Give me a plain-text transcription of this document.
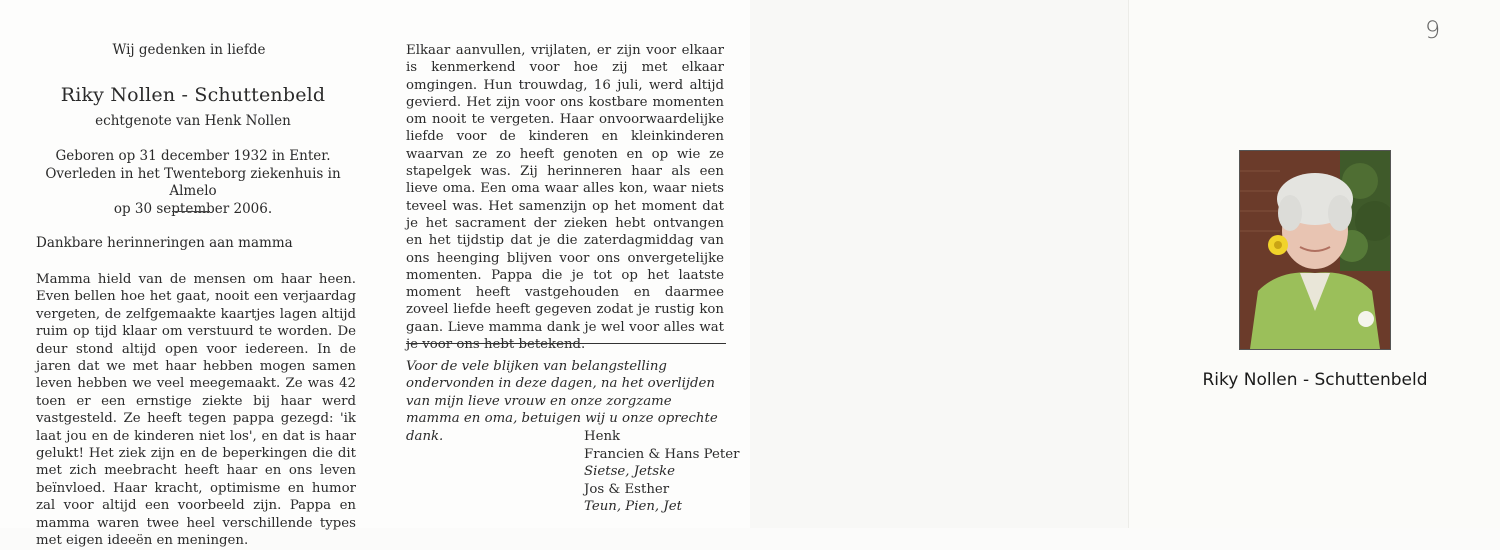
Wij gedenken in liefde
Riky Nollen - Schuttenbeld
echtgenote van Henk Nollen
Geboren op 31 december 1932 in Enter.
Overleden in het Twenteborg ziekenhuis in Almelo
op 30 september 2006.
Dankbare herinneringen aan mamma
Mamma hield van de mensen om haar heen. Even bellen hoe het gaat, nooit een verjaardag vergeten, de zelfgemaakte kaartjes lagen altijd ruim op tijd klaar om verstuurd te worden. De deur stond altijd open voor iedereen. In de jaren dat we met haar hebben mogen samen leven hebben we veel meegemaakt. Ze was 42 toen er een ernstige ziekte bij haar werd vastgesteld. Ze heeft tegen pappa gezegd: 'ik laat jou en de kinderen niet los', en dat is haar gelukt! Het ziek zijn en de beperkingen die dit met zich meebracht heeft haar en ons leven beïnvloed. Haar kracht, optimisme en humor zal voor altijd een voorbeeld zijn. Pappa en mamma waren twee heel verschillende types met eigen ideeën en meningen.
Elkaar aanvullen, vrijlaten, er zijn voor elkaar is kenmerkend voor hoe zij met elkaar omgingen. Hun trouwdag, 16 juli, werd altijd gevierd. Het zijn voor ons kostbare momenten om nooit te vergeten. Haar onvoorwaardelijke liefde voor de kinderen en kleinkinderen waarvan ze zo heeft genoten en op wie ze stapelgek was. Zij herinneren haar als een lieve oma. Een oma waar alles kon, waar niets teveel was. Het samenzijn op het moment dat je het sacrament der zieken hebt ontvangen en het tijdstip dat je die zaterdagmiddag van ons heenging blijven voor ons onvergetelijke momenten. Pappa die je tot op het laatste moment heeft vastgehouden en daarmee zoveel liefde heeft gegeven zodat je rustig kon gaan. Lieve mamma dank je wel voor alles wat je voor ons hebt betekend.
Voor de vele blijken van belangstelling ondervonden in deze dagen, na het overlijden van mijn lieve vrouw en onze zorgzame mamma en oma, betuigen wij u onze oprechte dank.	Henk
Francien & Hans Peter
Sietse, Jetske
Jos & Esther
Teun, Pien, Jet
9
Riky Nollen - Schuttenbeld
